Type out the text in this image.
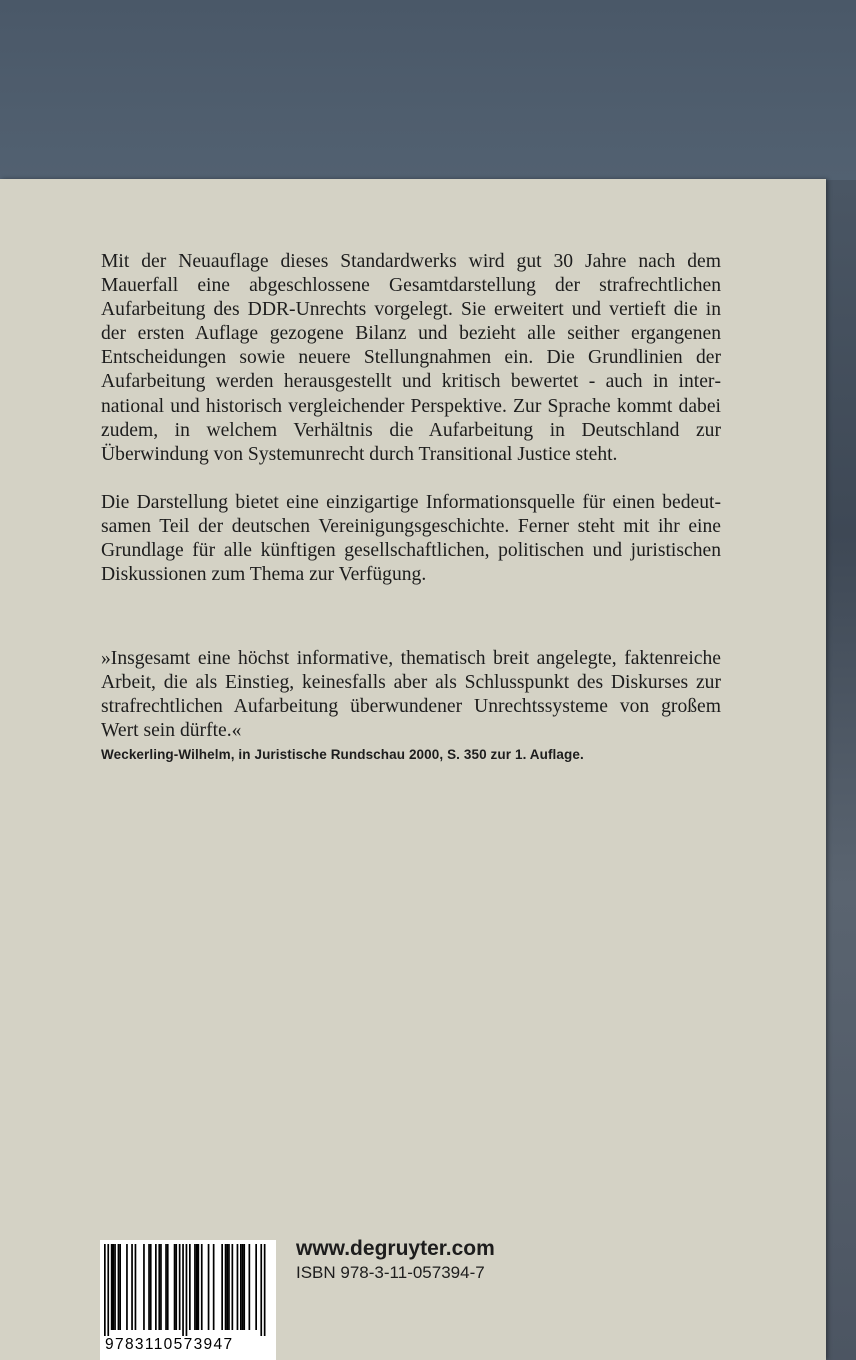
Mit der Neuauflage dieses Standardwerks wird gut 30 Jahre nach dem Mauerfall eine abgeschlossene Gesamtdarstellung der strafrechtlichen Aufarbeitung des DDR-Unrechts vorgelegt. Sie erweitert und vertieft die in der ersten Auflage gezogene Bilanz und bezieht alle seither ergangenen Entscheidungen sowie neuere Stellungnahmen ein. Die Grundlinien der Aufarbeitung werden herausgestellt und kritisch bewertet - auch in international und historisch vergleichender Perspektive. Zur Sprache kommt dabei zudem, in welchem Verhältnis die Aufarbeitung in Deutschland zur Überwindung von Systemunrecht durch Transitional Justice steht.

Die Darstellung bietet eine einzigartige Informationsquelle für einen bedeutsamen Teil der deutschen Vereinigungsgeschichte. Ferner steht mit ihr eine Grundlage für alle künftigen gesellschaftlichen, politischen und juristischen Diskussionen zum Thema zur Verfügung.

»Insgesamt eine höchst informative, thematisch breit angelegte, faktenreiche Arbeit, die als Einstieg, keinesfalls aber als Schlusspunkt des Diskurses zur strafrechtlichen Aufarbeitung überwundener Unrechtssysteme von großem Wert sein dürfte.«

Weckerling-Wilhelm, in Juristische Rundschau 2000, S. 350 zur 1. Auflage.
9783110573947
www.degruyter.com
ISBN 978-3-11-057394-7
